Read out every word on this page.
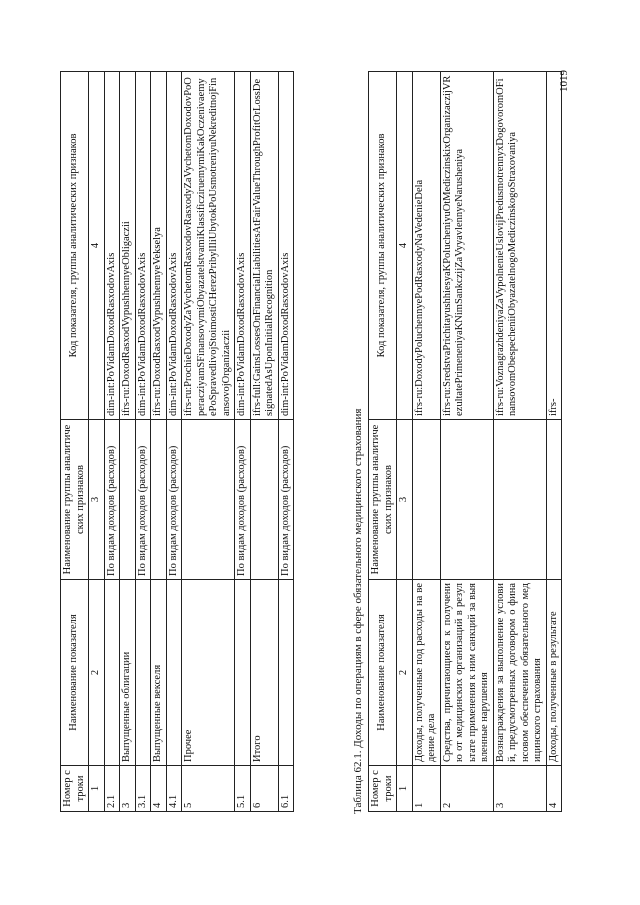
Номер строки	Наименование показателя	Наименование группы аналитических признаков	Код показателя, группы аналитических признаков
1	2	3	4
2.1		По видам доходов (расходов)	dim-int:PoVidamDoxodRasxodovAxis
3	Выпущенные облигации		ifrs-ru:DoxodRasxodVypushhennyeObligaczii
3.1		По видам доходов (расходов)	dim-int:PoVidamDoxodRasxodovAxis
4	Выпущенные векселя		ifrs-ru:DoxodRasxodVypushhennyeVekselya
4.1		По видам доходов (расходов)	dim-int:PoVidamDoxodRasxodovAxis
5	Прочее		ifrs-ru:ProchieDoxodyZaVychetomRasxodovRasxodyZaVychetomDoxodovPoOperacziyamSFinansovymiObyazatelstvamiKlassificziruemymiKakOczenivaemyePoSpravedlivojStoimostiCHerezPribylIliUbytokPoUsmotreniyuNekreditnojFinansovojOrganizaczii
5.1		По видам доходов (расходов)	dim-int:PoVidamDoxodRasxodovAxis
6	Итого		ifrs-full:GainsLossesOnFinancialLiabilitiesAtFairValueThroughProfitOrLossDesignatedAsUponInitialRecognition
6.1		По видам доходов (расходов)	dim-int:PoVidamDoxodRasxodovAxis
Таблица 62.1. Доходы по операциям в сфере обязательного медицинского страхования Номер строки	Наименование показателя	Наименование группы аналитических признаков	Код показателя, группы аналитических признаков
1	2	3	4
1	Доходы, полученные под расходы на ведение дела		ifrs-ru:DoxodyPoluchennyePodRasxodyNaVedenieDela
2	Средства, причитающиеся к получению от медицинских организаций в результате применения к ним санкций за выявленные нарушения		ifrs-ru:SredstvaPrichitayushhiesyaKPolucheniyuOtMediczinskixOrganizaczijVRezultatePrimeneniyaKNimSankczijZaVyyavlennyeNarusheniya
3	Вознаграждения за выполнение условий, предусмотренных договором о финансовом обеспечении обязательного медицинского страхования		ifrs-ru:VoznagrazhdeniyaZaVypolnenieUslovijPredusmotrennyxDogovoromOFinansovomObespecheniiObyazatelnogoMediczinskogoStraxovaniya
4	Доходы, полученные в результате		ifrs-
1019
